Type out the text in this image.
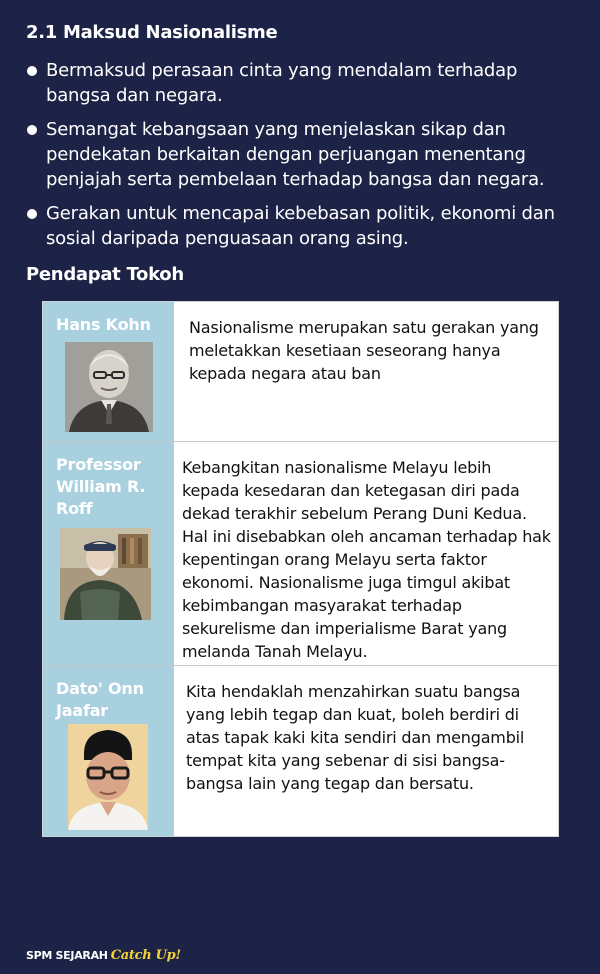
2.1 Maksud Nasionalisme
Bermaksud perasaan cinta yang mendalam terhadap bangsa dan negara.
Semangat kebangsaan yang menjelaskan sikap dan pendekatan berkaitan dengan perjuangan menentang penjajah serta pembelaan terhadap bangsa dan negara.
Gerakan untuk mencapai kebebasan politik, ekonomi dan sosial daripada penguasaan orang asing.
Pendapat Tokoh
Hans Kohn	Nasionalisme merupakan satu gerakan yang meletakkan kesetiaan seseorang hanya kepada negara atau ban
Professor William R. Roff
Kebangkitan nasionalisme Melayu lebih kepada kesedaran dan ketegasan diri pada dekad terakhir sebelum Perang Duni Kedua. Hal ini disebabkan oleh ancaman terhadap hak kepentingan orang Melayu serta faktor ekonomi. Nasionalisme juga timgul akibat kebimbangan masyarakat terhadap sekurelisme dan imperialisme Barat yang melanda Tanah Melayu.
Dato' Onn Jaafar
Kita hendaklah menzahirkan suatu bangsa yang lebih tegap dan kuat, boleh berdiri di atas tapak kaki kita sendiri dan mengambil tempat kita yang sebenar di sisi bangsa-bangsa lain yang tegap dan bersatu.
SPM SEJARAH Catch Up!
